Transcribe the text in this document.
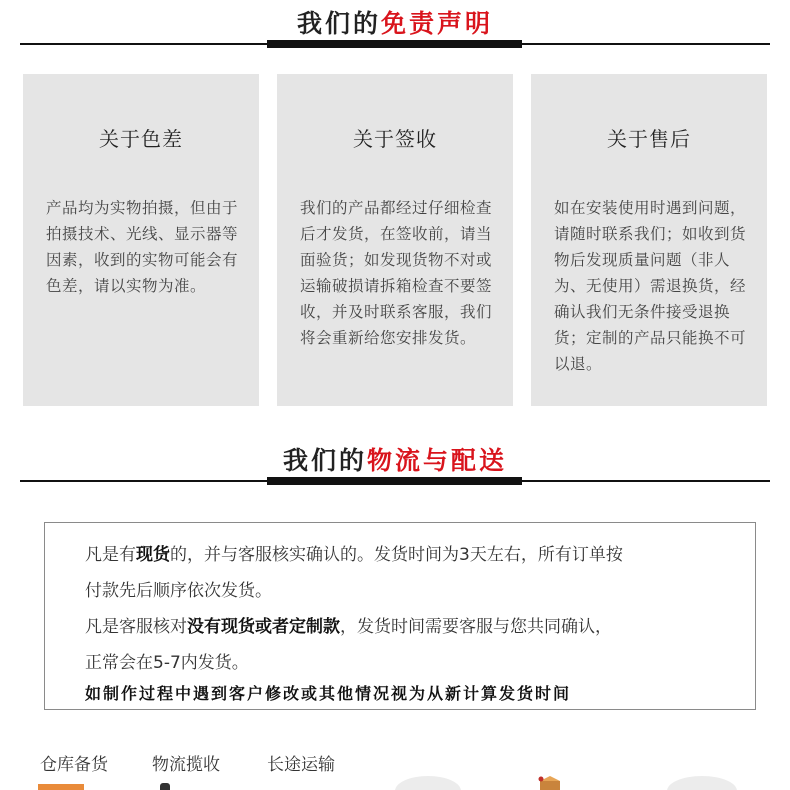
我们的免责声明
关于色差

产品均为实物拍摄，但由于拍摄技术、光线、显示器等因素，收到的实物可能会有色差，请以实物为准。

关于签收

我们的产品都经过仔细检查后才发货，在签收前，请当面验货；如发现货物不对或运输破损请拆箱检查不要签收，并及时联系客服，我们将会重新给您安排发货。

关于售后

如在安装使用时遇到问题，请随时联系我们；如收到货物后发现质量问题（非人为、无使用）需退换货，经确认我们无条件接受退换货；定制的产品只能换不可以退。

我们的物流与配送
凡是有现货的，并与客服核实确认的。发货时间为3天左右，所有订单按
付款先后顺序依次发货。
凡是客服核对没有现货或者定制款，发货时间需要客服与您共同确认，
正常会在5-7内发货。
如制作过程中遇到客户修改或其他情况视为从新计算发货时间
仓库备货	物流揽收	长途运输
